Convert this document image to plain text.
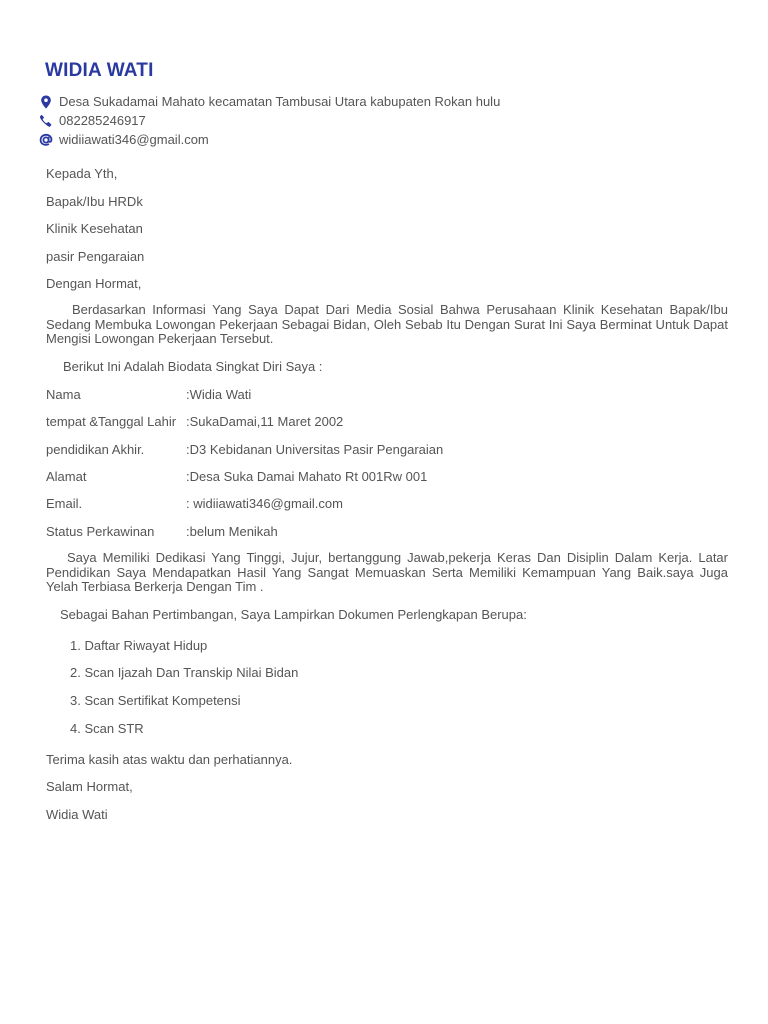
WIDIA WATI
Desa Sukadamai Mahato kecamatan Tambusai Utara kabupaten Rokan hulu
082285246917
widiiawati346@gmail.com
Kepada Yth,
Bapak/Ibu HRDk
Klinik Kesehatan
pasir Pengaraian
Dengan Hormat,
Berdasarkan Informasi Yang Saya Dapat Dari Media Sosial Bahwa Perusahaan Klinik Kesehatan Bapak/Ibu Sedang Membuka Lowongan Pekerjaan Sebagai Bidan, Oleh Sebab Itu Dengan Surat Ini Saya Berminat Untuk Dapat Mengisi Lowongan Pekerjaan Tersebut.
Berikut Ini Adalah Biodata Singkat Diri Saya :
Nama	:Widia Wati
tempat &Tanggal Lahir :SukaDamai,11 Maret 2002
pendidikan Akhir.	:D3 Kebidanan Universitas Pasir Pengaraian
Alamat	:Desa Suka Damai Mahato Rt 001Rw 001
Email.	: widiiawati346@gmail.com
Status Perkawinan :belum Menikah
Saya Memiliki Dedikasi Yang Tinggi, Jujur, bertanggung Jawab,pekerja Keras Dan Disiplin Dalam Kerja. Latar Pendidikan Saya Mendapatkan Hasil Yang Sangat Memuaskan Serta Memiliki Kemampuan Yang Baik.saya Juga Yelah Terbiasa Berkerja Dengan Tim .
Sebagai Bahan Pertimbangan, Saya Lampirkan Dokumen Perlengkapan Berupa:
1. Daftar Riwayat Hidup
2. Scan Ijazah Dan Transkip Nilai Bidan
3. Scan Sertifikat Kompetensi
4. Scan STR
Terima kasih atas waktu dan perhatiannya.
Salam Hormat,
Widia Wati
